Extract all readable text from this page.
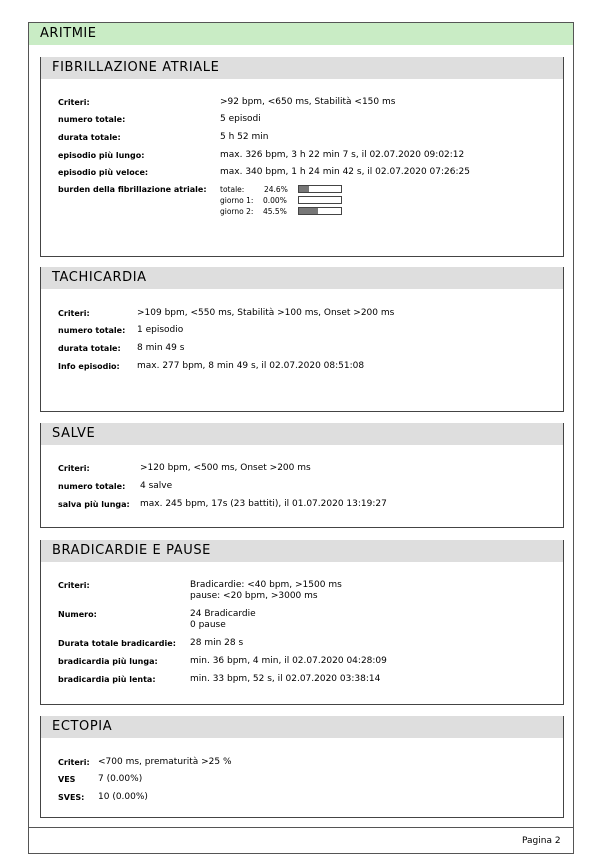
ARITMIE
FIBRILLAZIONE ATRIALE
Criteri:	>92 bpm, <650 ms, Stabilità <150 ms
numero totale:	5 episodi
durata totale:	5 h 52 min
episodio più lungo:	max. 326 bpm, 3 h 22 min 7 s, il 02.07.2020 09:02:12
episodio più veloce:	max. 340 bpm, 1 h 24 min 42 s, il 02.07.2020 07:26:25
burden della fibrillazione atriale: totale:	24.6%
giorno 1: 0.00%
giorno 2: 45.5%
TACHICARDIA
Criteri:	>109 bpm, <550 ms, Stabilità >100 ms, Onset >200 ms
numero totale: 1 episodio
durata totale: 8 min 49 s
Info episodio: max. 277 bpm, 8 min 49 s, il 02.07.2020 08:51:08
SALVE
Criteri:	>120 bpm, <500 ms, Onset >200 ms
numero totale: 4 salve
salva più lunga: max. 245 bpm, 17s (23 battiti), il 01.07.2020 13:19:27
BRADICARDIE E PAUSE
Criteri:	Bradicardie: <40 bpm, >1500 ms
pause: <20 bpm, >3000 ms
Numero:	24 Bradicardie
0 pause
Durata totale bradicardie: 28 min 28 s
bradicardia più lunga:	min. 36 bpm, 4 min, il 02.07.2020 04:28:09
bradicardia più lenta:	min. 33 bpm, 52 s, il 02.07.2020 03:38:14
ECTOPIA
Criteri: <700 ms, prematurità >25 %
VES	7 (0.00%)
SVES: 10 (0.00%)
Pagina 2
